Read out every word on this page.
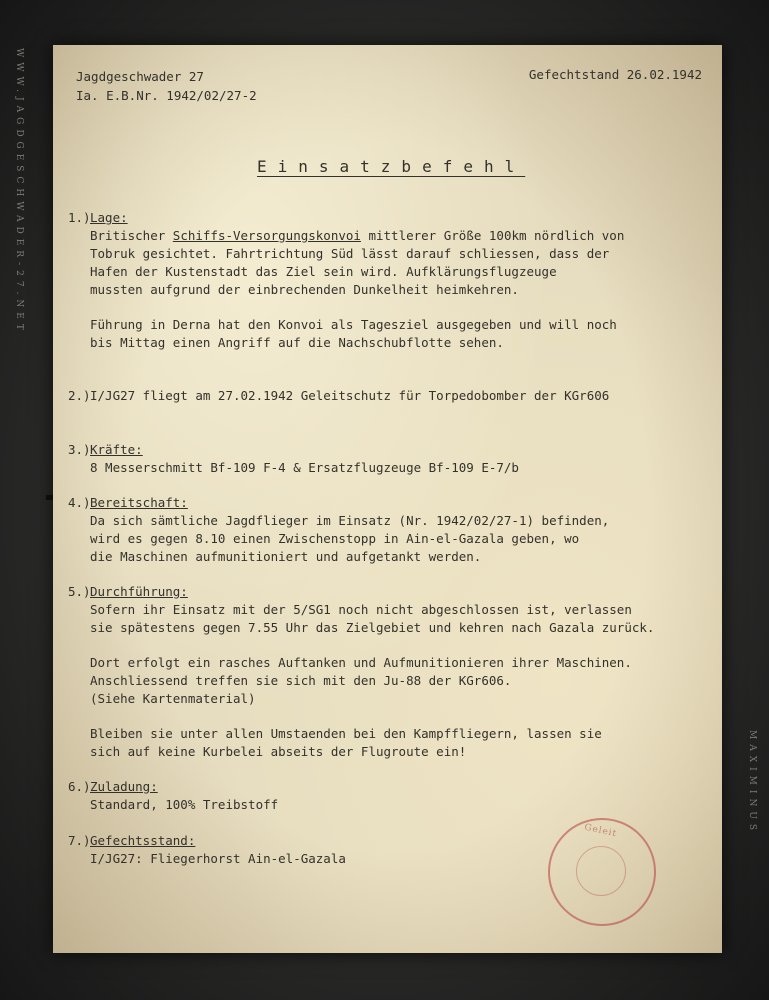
WWW.JAGDGESCHWADER-27.NET
MAXIMINUS
Jagdgeschwader 27
Ia. E.B.Nr. 1942/02/27-2
Gefechtstand 26.02.1942
Einsatzbefehl
1.)Lage:

Britischer Schiffs-Versorgungskonvoi mittlerer Größe 100km nördlich von

Tobruk gesichtet. Fahrtrichtung Süd lässt darauf schliessen, dass der

Hafen der Kustenstadt das Ziel sein wird. Aufklärungsflugzeuge

mussten aufgrund der einbrechenden Dunkelheit heimkehren.

Führung in Derna hat den Konvoi als Tagesziel ausgegeben und will noch

bis Mittag einen Angriff auf die Nachschubflotte sehen.

2.)I/JG27 fliegt am 27.02.1942 Geleitschutz für Torpedobomber der KGr606
3.)Kräfte:

8 Messerschmitt Bf-109 F-4 & Ersatzflugzeuge Bf-109 E-7/b

4.)Bereitschaft:

Da sich sämtliche Jagdflieger im Einsatz (Nr. 1942/02/27-1) befinden,

wird es gegen 8.10 einen Zwischenstopp in Ain-el-Gazala geben, wo

die Maschinen aufmunitioniert und aufgetankt werden.

5.)Durchführung:

Sofern ihr Einsatz mit der 5/SG1 noch nicht abgeschlossen ist, verlassen

sie spätestens gegen 7.55 Uhr das Zielgebiet und kehren nach Gazala zurück.

Dort erfolgt ein rasches Auftanken und Aufmunitionieren ihrer Maschinen.

Anschliessend treffen sie sich mit den Ju-88 der KGr606.

(Siehe Kartenmaterial)

Bleiben sie unter allen Umstaenden bei den Kampffliegern, lassen sie

sich auf keine Kurbelei abseits der Flugroute ein!

6.)Zuladung:

Standard, 100% Treibstoff

7.)Gefechtsstand:

I/JG27: Fliegerhorst Ain-el-Gazala

Geleit
